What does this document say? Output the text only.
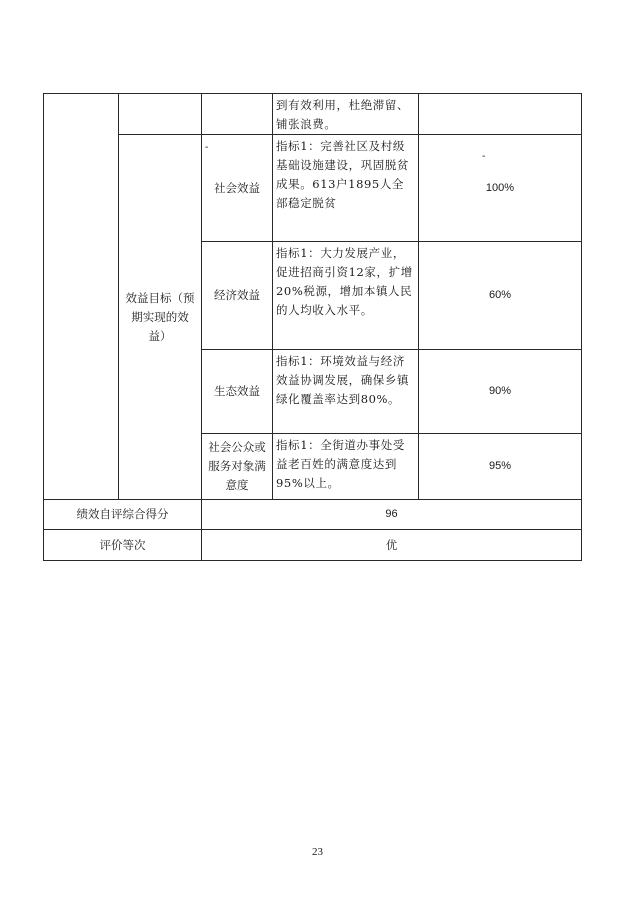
到有效利用，杜绝滞留、铺张浪费。
效益目标（预期实现的效益）
-
社会效益
指标1：完善社区及村级基础设施建设，巩固脱贫成果。613户1895人全部稳定脱贫
-
100%
经济效益
指标1：大力发展产业，促进招商引资12家，扩增20%税源，增加本镇人民的人均收入水平。
60%
生态效益
指标1：环境效益与经济效益协调发展，确保乡镇绿化覆盖率达到80%。
90%
社会公众或服务对象满意度
指标1：全街道办事处受益老百姓的满意度达到95%以上。
95%
绩效自评综合得分	96
评价等次	优
23
